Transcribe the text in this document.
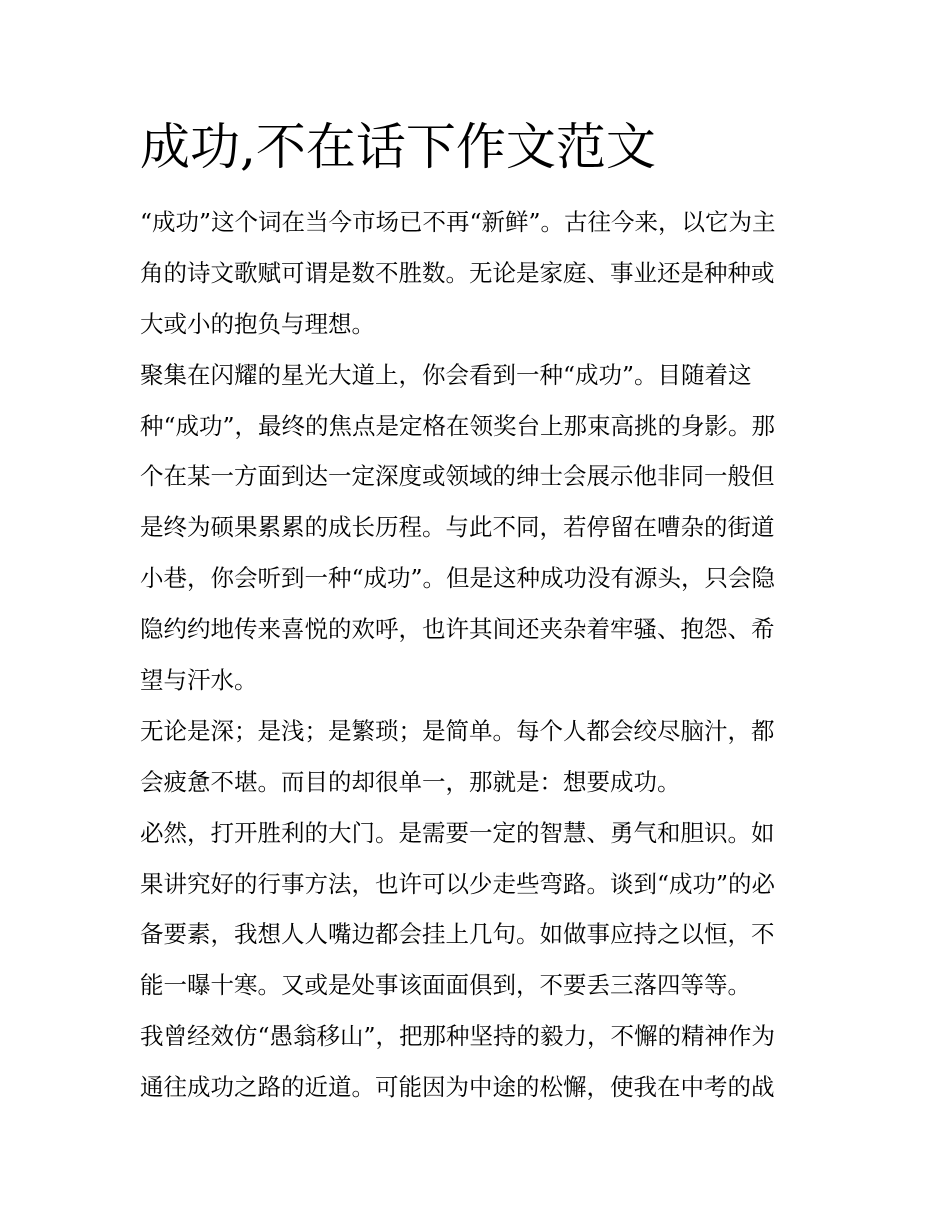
成功,不在话下作文范文

“成功”这个词在当今市场已不再“新鲜”。古往今来，以它为主

角的诗文歌赋可谓是数不胜数。无论是家庭、事业还是种种或

大或小的抱负与理想。

聚集在闪耀的星光大道上，你会看到一种“成功”。目随着这

种“成功”，最终的焦点是定格在领奖台上那束高挑的身影。那

个在某一方面到达一定深度或领域的绅士会展示他非同一般但

是终为硕果累累的成长历程。与此不同，若停留在嘈杂的街道

小巷，你会听到一种“成功”。但是这种成功没有源头，只会隐

隐约约地传来喜悦的欢呼，也许其间还夹杂着牢骚、抱怨、希

望与汗水。

无论是深；是浅；是繁琐；是简单。每个人都会绞尽脑汁，都

会疲惫不堪。而目的却很单一，那就是：想要成功。

必然，打开胜利的大门。是需要一定的智慧、勇气和胆识。如

果讲究好的行事方法，也许可以少走些弯路。谈到“成功”的必

备要素，我想人人嘴边都会挂上几句。如做事应持之以恒，不

能一曝十寒。又或是处事该面面俱到，不要丢三落四等等。

我曾经效仿“愚翁移山”，把那种坚持的毅力，不懈的精神作为

通往成功之路的近道。可能因为中途的松懈，使我在中考的战
